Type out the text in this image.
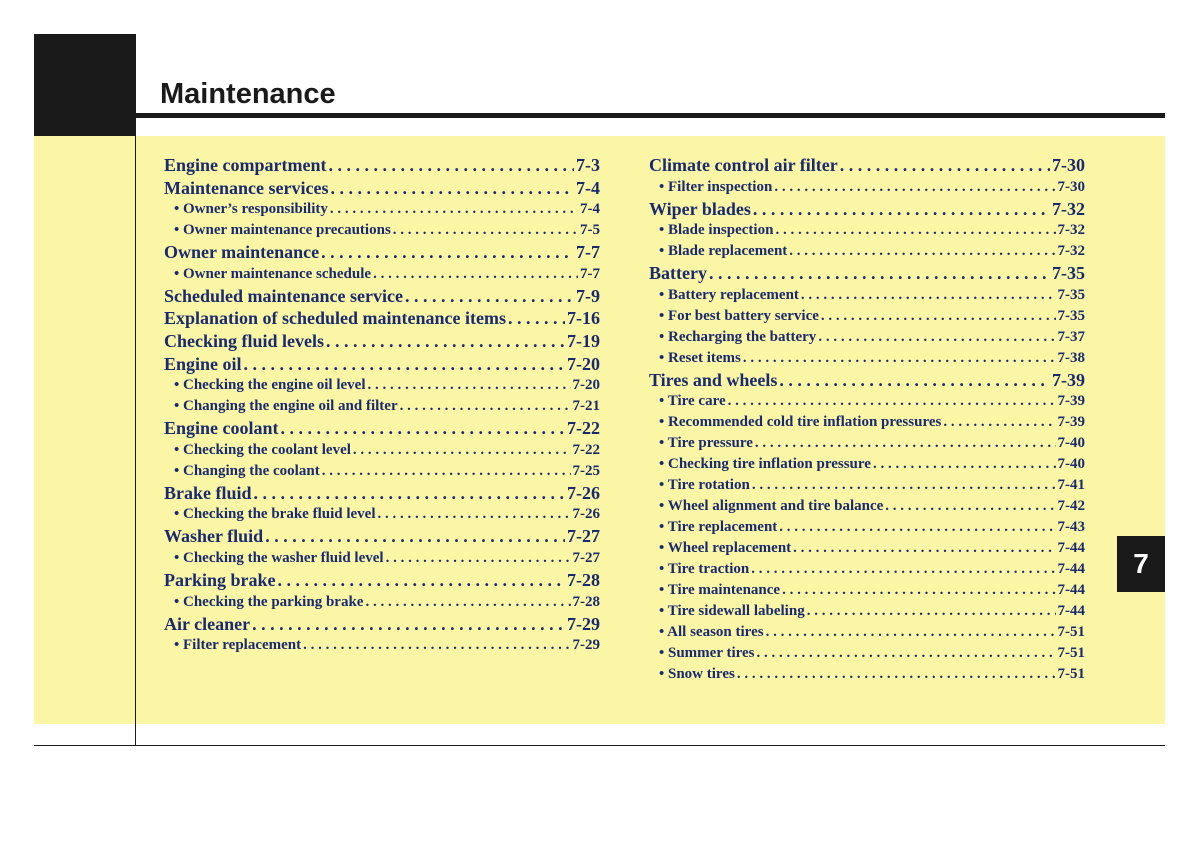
Maintenance
7
Engine compartment . . .	7-3
Maintenance services . . .	7-4
• Owner’s responsibility . . .	7-4
• Owner maintenance precautions . . .	7-5
Owner maintenance . . .	7-7
• Owner maintenance schedule . . .	7-7
Scheduled maintenance service . . .	7-9
Explanation of scheduled maintenance items . . .	7-16
Checking fluid levels . . .	7-19
Engine oil . . .	7-20
• Checking the engine oil level . . .	7-20
• Changing the engine oil and filter . . .	7-21
Engine coolant . . .	7-22
• Checking the coolant level . . .	7-22
• Changing the coolant . . .	7-25
Brake fluid . . .	7-26
• Checking the brake fluid level . . .	7-26
Washer fluid . . .	7-27
• Checking the washer fluid level . . .	7-27
Parking brake . . .	7-28
• Checking the parking brake . . .	7-28
Air cleaner . . .	7-29
• Filter replacement . . .	7-29
Climate control air filter . . .	7-30
• Filter inspection . . .	7-30
Wiper blades . . .	7-32
• Blade inspection . . .	7-32
• Blade replacement . . .	7-32
Battery . . .	7-35
• Battery replacement . . .	7-35
• For best battery service . . .	7-35
• Recharging the battery . . .	7-37
• Reset items . . .	7-38
Tires and wheels . . .	7-39
• Tire care . . .	7-39
• Recommended cold tire inflation pressures . . .	7-39
• Tire pressure . . .	7-40
• Checking tire inflation pressure . . .	7-40
• Tire rotation . . .	7-41
• Wheel alignment and tire balance . . .	7-42
• Tire replacement . . .	7-43
• Wheel replacement . . .	7-44
• Tire traction . . .	7-44
• Tire maintenance . . .	7-44
• Tire sidewall labeling . . .	7-44
• All season tires . . .	7-51
• Summer tires . . .	7-51
• Snow tires . . .	7-51
